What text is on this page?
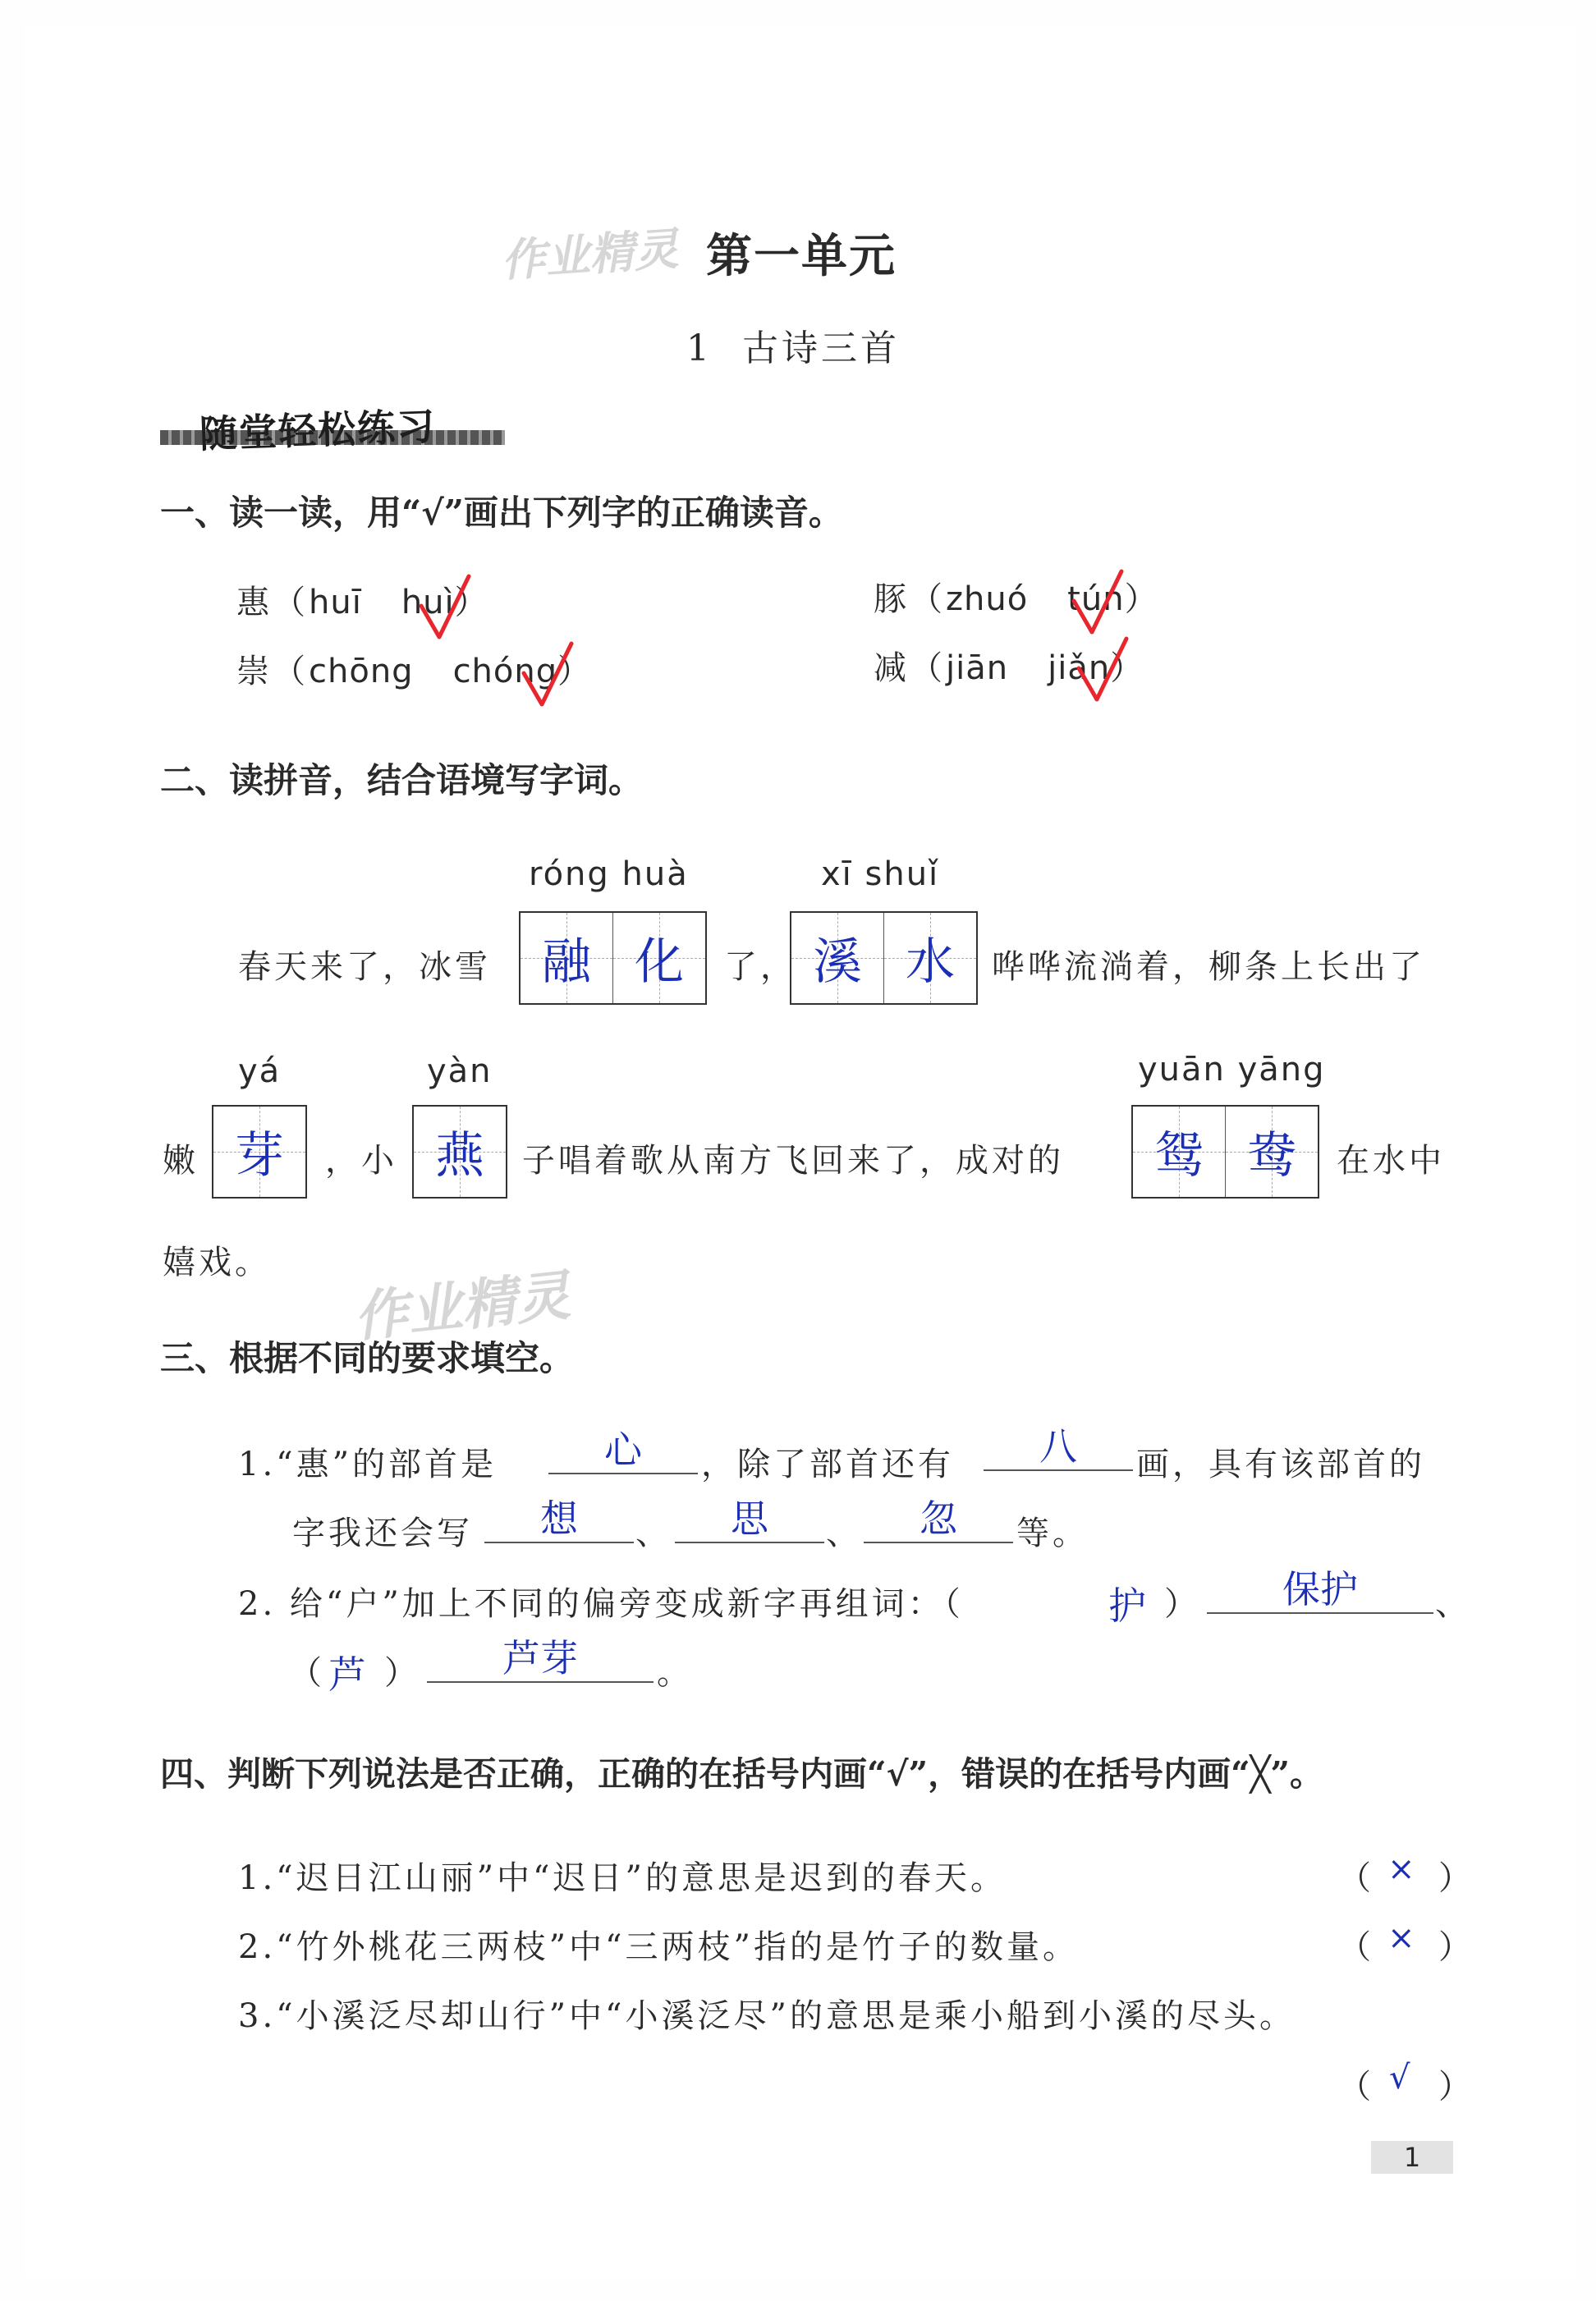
作业精灵 第一单元
1 古诗三首
随堂轻松练习
一、读一读，用“√”画出下列字的正确读音。
惠（huī huì）	豚（zhuó tún）
崇（chōng chóng）	减（jiān jiǎn）
二、读拼音，结合语境写字词。
róng huà	xī shuǐ
春天来了，冰雪 融 化 了， 溪 水 哗哗流淌着，柳条上长出了
yá	yàn	yuān yāng
嫩 芽 ，小 燕 子唱着歌从南方飞回来了，成对的 鸳 鸯 在水中
嬉戏。
作业精灵
三、根据不同的要求填空。
1.“惠”的部首是	心	，除了部首还有	八	画，具有该部首的
字我还会写	想	、	思	、	忽	等。
2. 给“户”加上不同的偏旁变成新字再组词：（	护 ）	保护	、
（ 芦 ）	芦芽	。
四、判断下列说法是否正确，正确的在括号内画“√”，错误的在括号内画“╳”。
1.“迟日江山丽”中“迟日”的意思是迟到的春天。	（ × ）
2.“竹外桃花三两枝”中“三两枝”指的是竹子的数量。	（ × ）
3.“小溪泛尽却山行”中“小溪泛尽”的意思是乘小船到小溪的尽头。
（ √ ）
1
